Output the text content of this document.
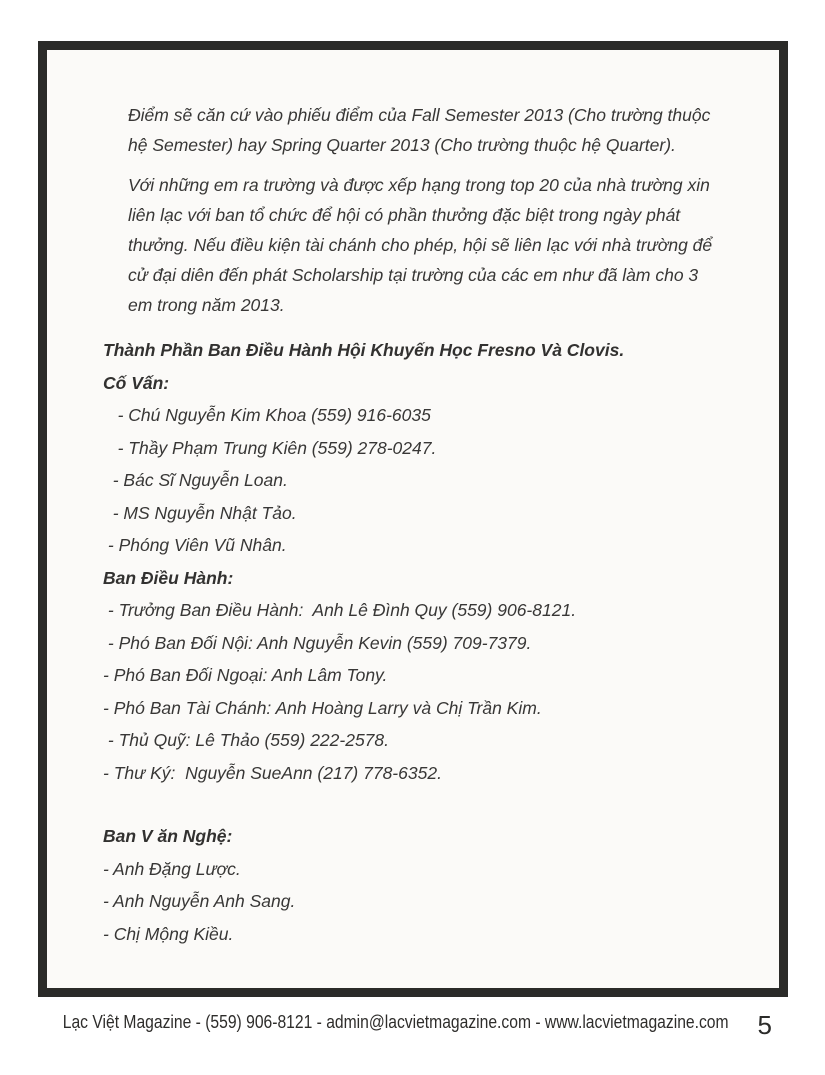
Điểm sẽ căn cứ vào phiếu điểm của Fall Semester 2013 (Cho trường thuộc hệ Semester) hay Spring Quarter 2013 (Cho trường thuộc hệ Quarter).

Với những em ra trường và được xếp hạng trong top 20 của nhà trường xin liên lạc với ban tổ chức để hội có phần thưởng đặc biệt trong ngày phát thưởng. Nếu điều kiện tài chánh cho phép, hội sẽ liên lạc với nhà trường để cử đại diên đến phát Scholarship tại trường của các em như đã làm cho 3 em trong năm 2013.

Thành Phần Ban Điều Hành Hội Khuyến Học Fresno Và Clovis.

Cố Vấn:

- Chú Nguyễn Kim Khoa (559) 916-6035

- Thầy Phạm Trung Kiên (559) 278-0247.

- Bác Sĩ Nguyễn Loan.

- MS Nguyễn Nhật Tảo.

- Phóng Viên Vũ Nhân.

Ban Điều Hành:

- Trưởng Ban Điều Hành:  Anh Lê Đình Quy (559) 906-8121.

- Phó Ban Đối Nội: Anh Nguyễn Kevin (559) 709-7379.

- Phó Ban Đối Ngoại: Anh Lâm Tony.

- Phó Ban Tài Chánh: Anh Hoàng Larry và Chị Trần Kim.

- Thủ Quỹ: Lê Thảo (559) 222-2578.

- Thư Ký:  Nguyễn SueAnn (217) 778-6352.

Ban V ăn Nghệ:

- Anh Đặng Lược.

- Anh Nguyễn Anh Sang.

- Chị Mộng Kiều.

Lạc Việt Magazine - (559) 906-8121 - admin@lacvietmagazine.com - www.lacvietmagazine.com	5
